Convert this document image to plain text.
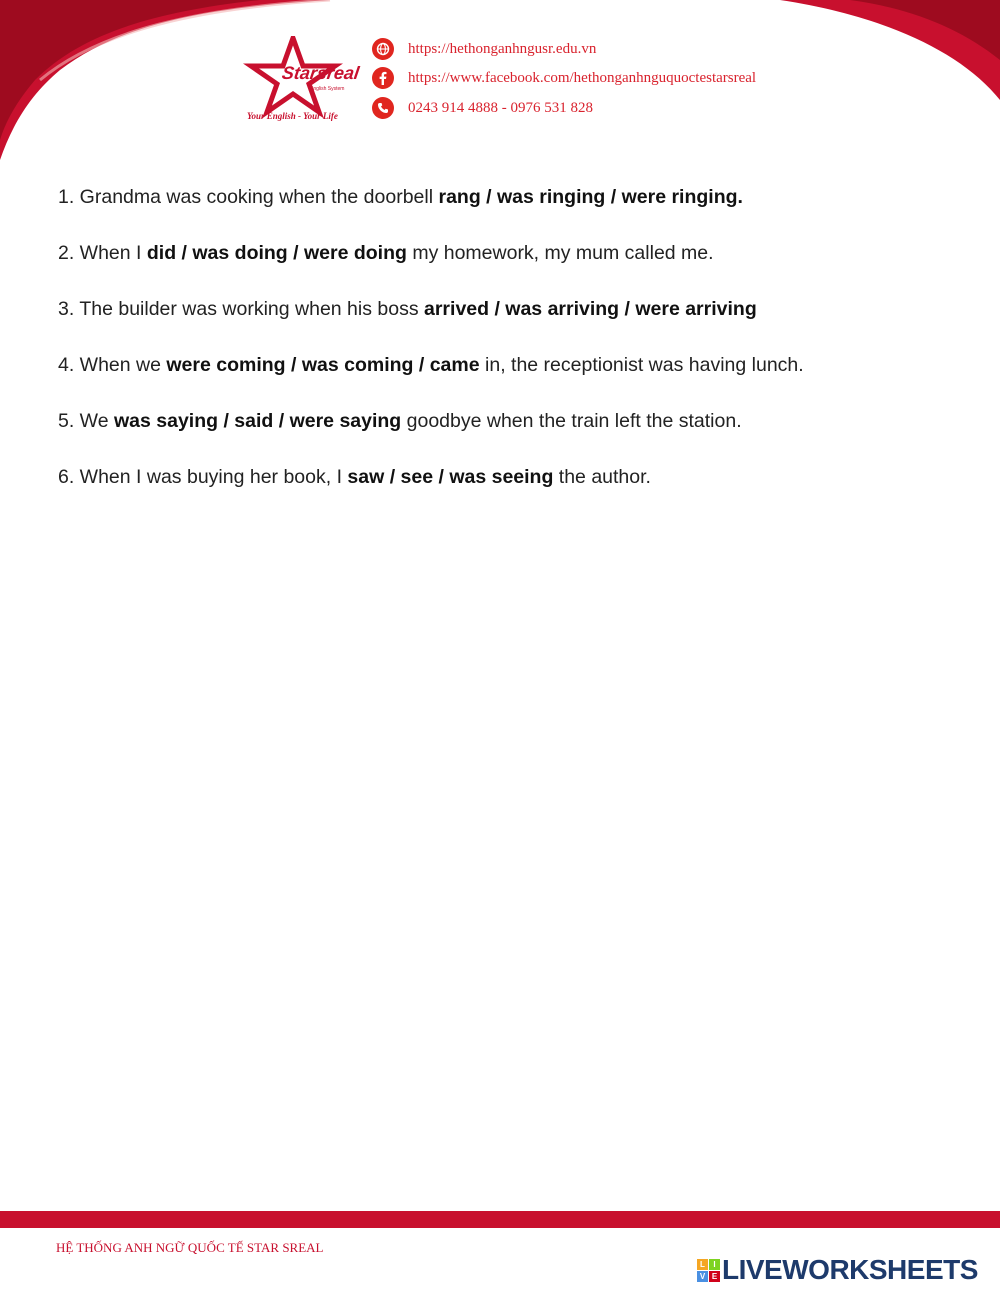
Starsreal
English System
Your English - Your Life
https://hethonganhngusr.edu.vn
https://www.facebook.com/hethonganhnguquoctestarsreal
0243 914 4888 - 0976 531 828
1. Grandma was cooking when the doorbell rang / was ringing / were ringing.
2. When I did / was doing / were doing my homework, my mum called me.
3. The builder was working when his boss arrived / was arriving / were arriving
4. When we were coming / was coming / came in, the receptionist was having lunch.
5. We was saying / said / were saying goodbye when the train left the station.
6. When I was buying her book, I saw / see / was seeing the author.
HỆ THỐNG ANH NGỮ QUỐC TẾ STAR SREAL
L	I
V E LIVEWORKSHEETS
